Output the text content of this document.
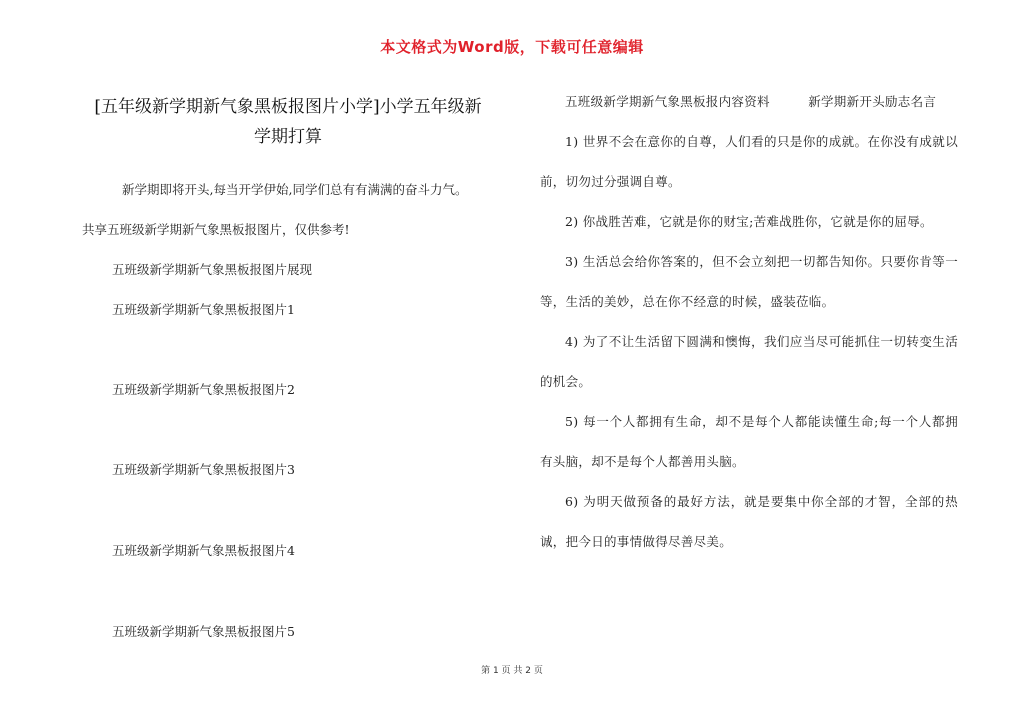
本文格式为Word版，下载可任意编辑
[五年级新学期新气象黑板报图片小学]小学五年级新
学期打算

新学期即将开头,每当开学伊始,同学们总有有满满的奋斗力气。

共享五班级新学期新气象黑板报图片，仅供参考!

五班级新学期新气象黑板报图片展现

五班级新学期新气象黑板报图片1

五班级新学期新气象黑板报图片2

五班级新学期新气象黑板报图片3

五班级新学期新气象黑板报图片4

五班级新学期新气象黑板报图片5

五班级新学期新气象黑板报内容资料　　　新学期新开头励志名言

1) 世界不会在意你的自尊，人们看的只是你的成就。在你没有成就以前，切勿过分强调自尊。

2) 你战胜苦难，它就是你的财宝;苦难战胜你，它就是你的屈辱。

3) 生活总会给你答案的，但不会立刻把一切都告知你。只要你肯等一等，生活的美妙，总在你不经意的时候，盛装莅临。

4) 为了不让生活留下圆满和懊悔，我们应当尽可能抓住一切转变生活的机会。

5) 每一个人都拥有生命，却不是每个人都能读懂生命;每一个人都拥有头脑，却不是每个人都善用头脑。

6) 为明天做预备的最好方法，就是要集中你全部的才智，全部的热诚，把今日的事情做得尽善尽美。

第 1 页 共 2 页
